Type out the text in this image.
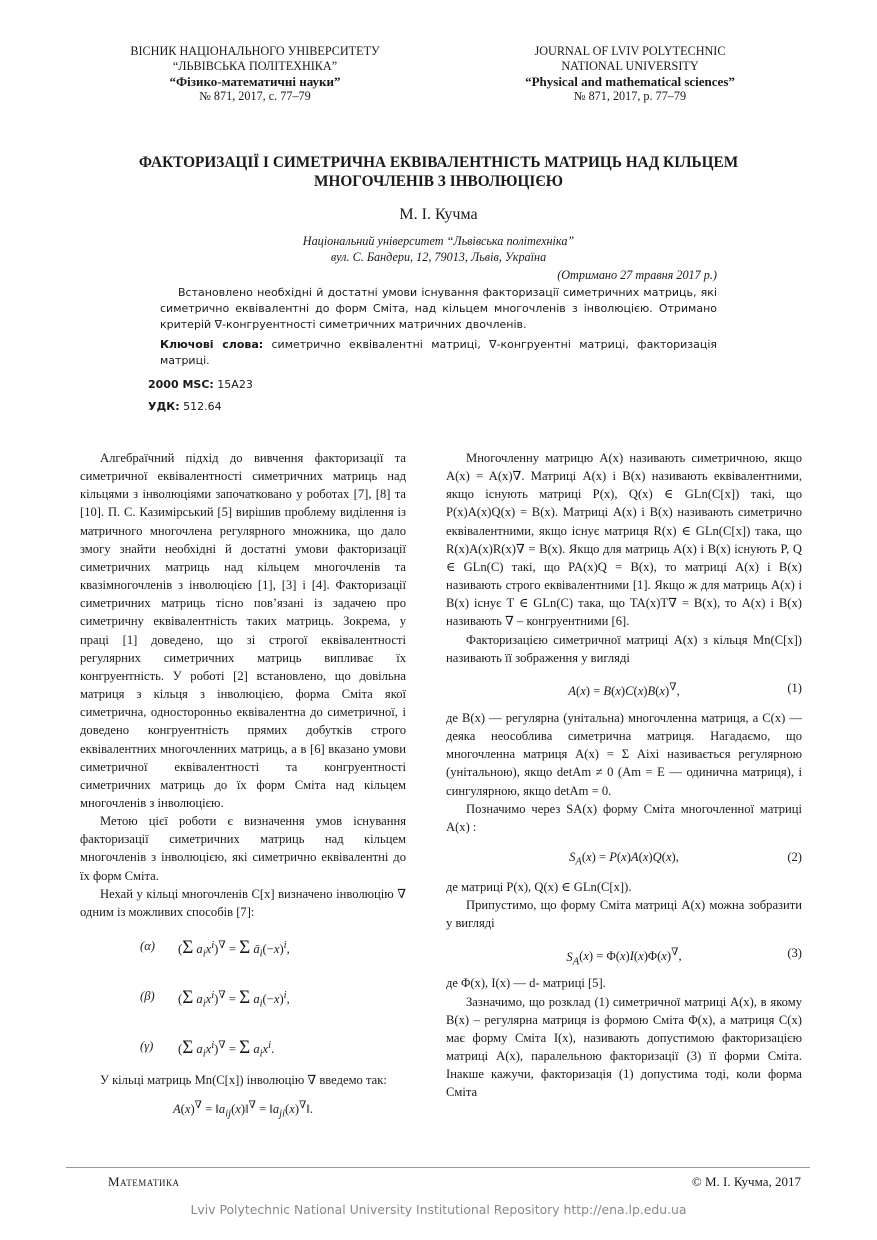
ВІСНИК НАЦІОНАЛЬНОГО УНІВЕРСИТЕТУ
“ЛЬВІВСЬКА ПОЛІТЕХНІКА”
“Фізико-математичні науки”
№ 871, 2017, с. 77–79
JOURNAL OF LVIV POLYTECHNIC
NATIONAL UNIVERSITY
“Physical and mathematical sciences”
№ 871, 2017, p. 77–79
ФАКТОРИЗАЦІЇ І СИМЕТРИЧНА ЕКВІВАЛЕНТНІСТЬ МАТРИЦЬ НАД КІЛЬЦЕМ
МНОГОЧЛЕНІВ З ІНВОЛЮЦІЄЮ
М. І. Кучма
Національний університет “Львівська політехніка”
вул. С. Бандери, 12, 79013, Львів, Україна
(Отримано 27 травня 2017 р.)
Встановлено необхідні й достатні умови існування факторизації симетричних матриць, які симетрично еквівалентні до форм Сміта, над кільцем многочленів з інволюцією. Отримано критерій ∇-конгруентності симетричних матричних двочленів.
Ключові слова: симетрично еквівалентні матриці, ∇-конгруентні матриці, факторизація матриці.
2000 MSC: 15A23
УДК: 512.64

Алгебраїчний підхід до вивчення факторизації та симетричної еквівалентності симетричних матриць над кільцями з інволюціями започатковано у роботах [7], [8] та [10]. П. С. Казимірський [5] вирішив проблему виділення із матричного многочлена регулярного множника, що дало змогу знайти необхідні й достатні умови факторизації симетричних матриць над кільцем многочленів та квазімногочленів з інволюцією [1], [3] і [4]. Факторизації симетричних матриць тісно пов’язані із задачею про симетричну еквівалентність таких матриць. Зокрема, у праці [1] доведено, що зі строгої еквівалентності регулярних симетричних матриць випливає їх конгруентність. У роботі [2] встановлено, що довільна матриця з кільця з інволюцією, форма Сміта якої симетрична, односторонньо еквівалентна до симетричної, і доведено конгруентність прямих добутків строго еквівалентних многочленних матриць, а в [6] вказано умови симетричної еквівалентності та конгруентності симетричних матриць до їх форм Сміта над кільцем многочленів з інволюцією.

Метою цієї роботи є визначення умов існування факторизації симетричних матриць над кільцем многочленів з інволюцією, які симетрично еквівалентні до їх форм Сміта.

Нехай у кільці многочленів C[x] визначено інволюцію ∇ одним із можливих способів [7]:

(α) (Σ $a_ix^i)^\nabla = \Sigma$ $ā_i(-x)^i$,
(β) (Σ $a_ix^i)^\nabla = \Sigma$ $a_i(-x)^i$,
(γ) (Σ $a_ix^i)^\nabla = \Sigma$ $a_ix^i$.

У кільці матриць Mn(C[x]) інволюцію ∇ введемо так:

$A(x)^\nabla = ‖a_{ij}(x)‖^\nabla$ = $‖a_{ji}(x)^\nabla‖$.

Многочленну матрицю A(x) називають симетричною, якщо A(x) = A(x)∇. Матриці A(x) і B(x) називають еквівалентними, якщо існують матриці P(x), Q(x) ∈ GLn(C[x]) такі, що P(x)A(x)Q(x) = B(x). Матриці A(x) і B(x) називають симетрично еквівалентними, якщо існує матриця R(x) ∈ GLn(C[x]) така, що R(x)A(x)R(x)∇ = B(x). Якщо для матриць A(x) і B(x) існують P, Q ∈ GLn(C) такі, що PA(x)Q = B(x), то матриці A(x) і B(x) називають строго еквівалентними [1]. Якщо ж для матриць A(x) і B(x) існує T ∈ GLn(C) така, що TA(x)T∇ = B(x), то A(x) і B(x) називають ∇ – конгруентними [6].

Факторизацією симетричної матриці A(x) з кільця Mn(C[x]) називають її зображення у вигляді

A(x) = B(x)C(x)B(x)∇,	(1)

де B(x) — регулярна (унітальна) многочленна матриця, а C(x) — деяка неособлива симетрична матриця. Нагадаємо, що многочленна матриця A(x) = Σ Aixi називається регулярною (унітальною), якщо detAm ≠ 0 (Am = E — одинична матриця), і сингулярною, якщо detAm = 0.

Позначимо через SA(x) форму Сміта многочленної матриці A(x) :

$S_A(x) = P(x)A(x)Q(x)$,	(2)

де матриці P(x), Q(x) ∈ GLn(C[x]).

Припустимо, що форму Сміта матриці A(x) можна зобразити у вигляді

$S_A(x) = \Phi(x)I(x)\Phi(x)^\nabla$,	(3)

де Φ(x), I(x) — d- матриці [5].

Зазначимо, що розклад (1) симетричної матриці A(x), в якому B(x) – регулярна матриця із формою Сміта Φ(x), а матриця C(x) має форму Сміта I(x), називають допустимою факторизацією матриці A(x), паралельною факторизації (3) її форми Сміта. Інакше кажучи, факторизація (1) допустима тоді, коли форма Сміта

Математика	© М. І. Кучма, 2017
Lviv Polytechnic National University Institutional Repository http://ena.lp.edu.ua
